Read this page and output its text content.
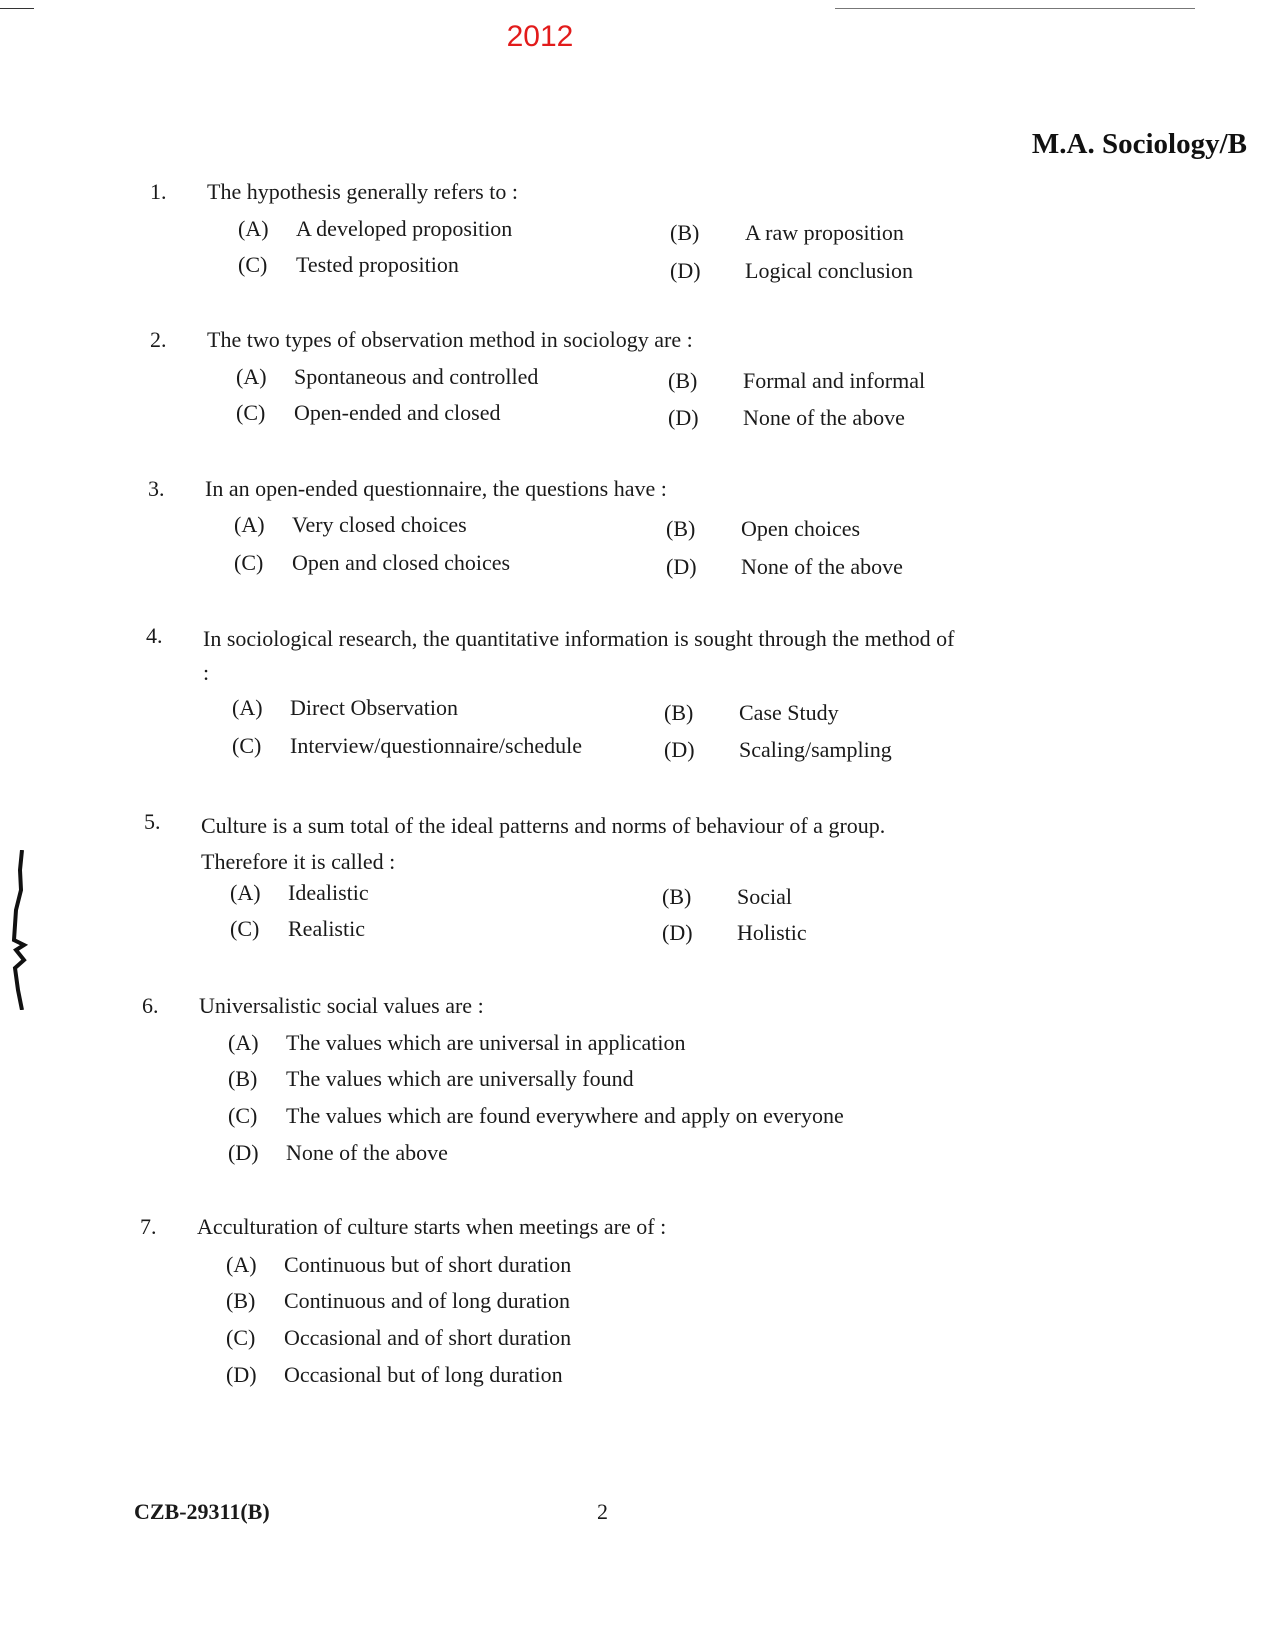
2012
M.A. Sociology/B
1.	The hypothesis generally refers to :
(A) A developed proposition	(B) A raw proposition
(C) Tested proposition	(D) Logical conclusion
2.	The two types of observation method in sociology are :
(A) Spontaneous and controlled	(B) Formal and informal
(C) Open-ended and closed	(D) None of the above
3.	In an open-ended questionnaire, the questions have :
(A) Very closed choices	(B) Open choices
(C) Open and closed choices	(D) None of the above
4.	In sociological research, the quantitative information is sought through the method of :
(A) Direct Observation	(B) Case Study
(C) Interview/questionnaire/schedule	(D) Scaling/sampling
5.	Culture is a sum total of the ideal patterns and norms of behaviour of a group. Therefore it is called :
(A) Idealistic	(B) Social
(C) Realistic	(D) Holistic
6.	Universalistic social values are :
(A) The values which are universal in application
(B) The values which are universally found
(C) The values which are found everywhere and apply on everyone
(D) None of the above
7.	Acculturation of culture starts when meetings are of :
(A) Continuous but of short duration
(B) Continuous and of long duration
(C) Occasional and of short duration
(D) Occasional but of long duration
CZB-29311(B)	2
